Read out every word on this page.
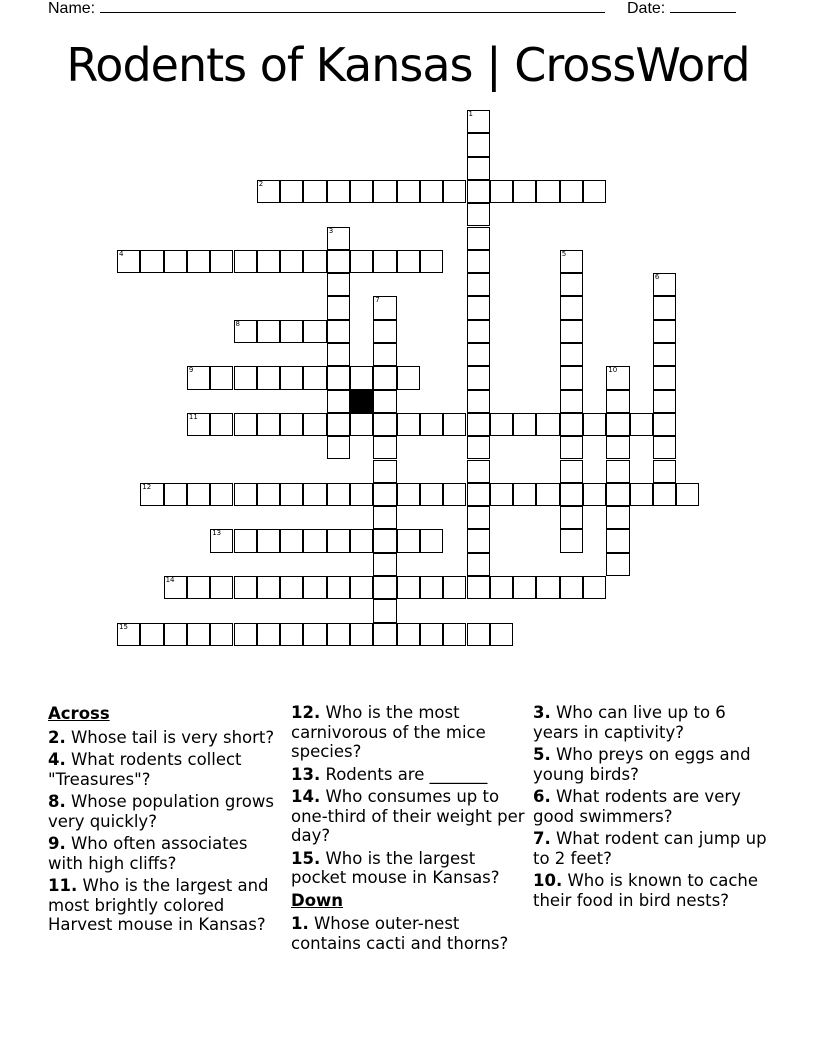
Name:	Date:
Rodents of Kansas | CrossWord
1
2
3
4	5
6
7
8
9	10
11
12
13
14
15
Across
2. Whose tail is very short?
4. What rodents collect "Treasures"?
8. Whose population grows very quickly?
9. Who often associates with high cliffs?
11. Who is the largest and most brightly colored Harvest mouse in Kansas?
12. Who is the most carnivorous of the mice species?
13. Rodents are _______
14. Who consumes up to one-third of their weight per day?
15. Who is the largest pocket mouse in Kansas?
Down
1. Whose outer-nest contains cacti and thorns?
3. Who can live up to 6 years in captivity?
5. Who preys on eggs and young birds?
6. What rodents are very good swimmers?
7. What rodent can jump up to 2 feet?
10. Who is known to cache their food in bird nests?
